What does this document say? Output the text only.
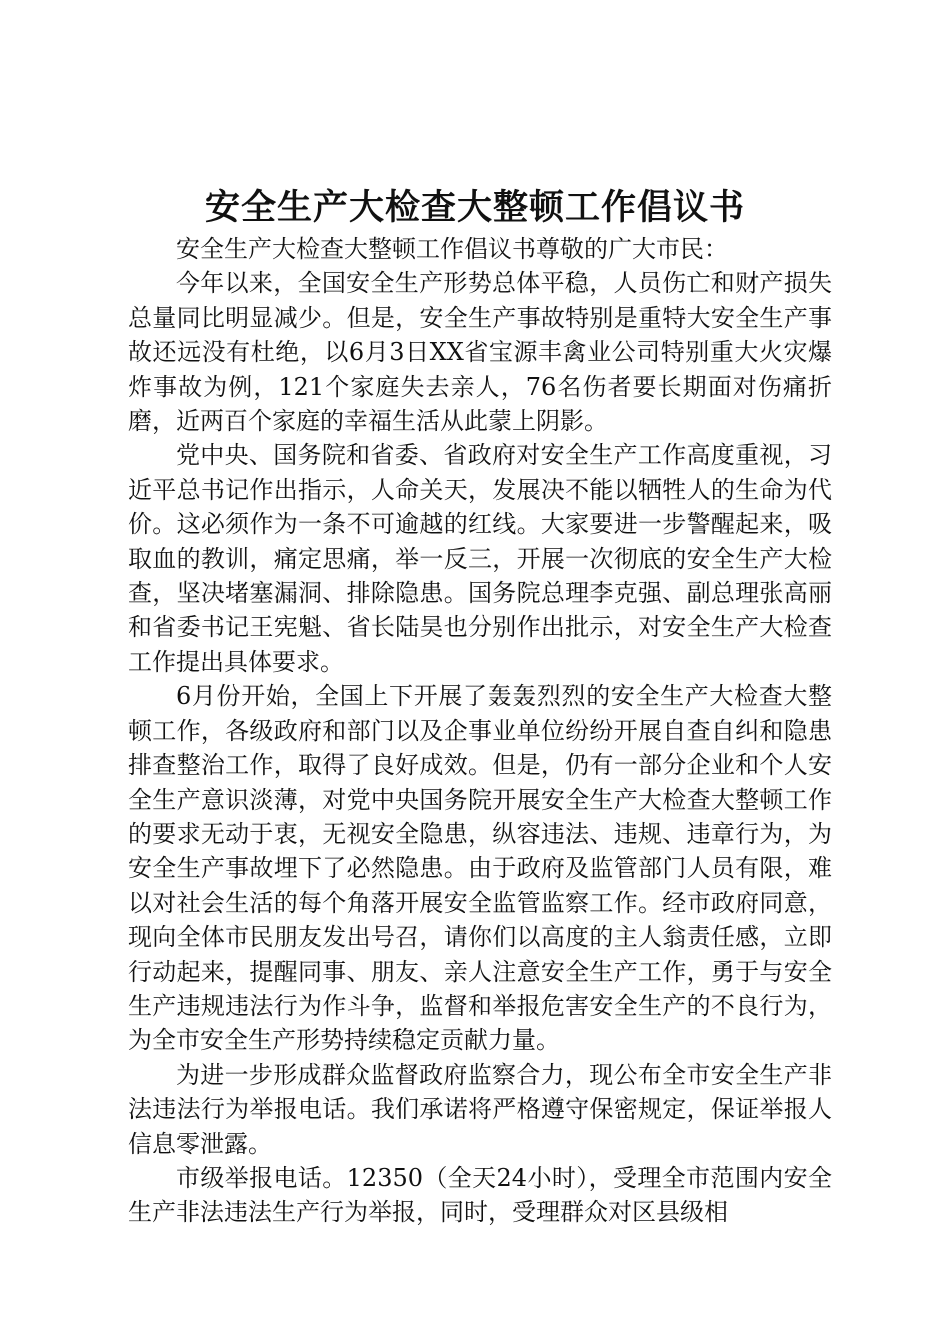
安全生产大检查大整顿工作倡议书

安全生产大检查大整顿工作倡议书尊敬的广大市民：

今年以来，全国安全生产形势总体平稳，人员伤亡和财产损失总量同比明显减少。但是，安全生产事故特别是重特大安全生产事故还远没有杜绝，以6月3日XX省宝源丰禽业公司特别重大火灾爆炸事故为例，121个家庭失去亲人，76名伤者要长期面对伤痛折磨，近两百个家庭的幸福生活从此蒙上阴影。

党中央、国务院和省委、省政府对安全生产工作高度重视，习近平总书记作出指示，人命关天，发展决不能以牺牲人的生命为代价。这必须作为一条不可逾越的红线。大家要进一步警醒起来，吸取血的教训，痛定思痛，举一反三，开展一次彻底的安全生产大检查，坚决堵塞漏洞、排除隐患。国务院总理李克强、副总理张高丽和省委书记王宪魁、省长陆昊也分别作出批示，对安全生产大检查工作提出具体要求。

6月份开始，全国上下开展了轰轰烈烈的安全生产大检查大整顿工作，各级政府和部门以及企事业单位纷纷开展自查自纠和隐患排查整治工作，取得了良好成效。但是，仍有一部分企业和个人安全生产意识淡薄，对党中央国务院开展安全生产大检查大整顿工作的要求无动于衷，无视安全隐患，纵容违法、违规、违章行为，为安全生产事故埋下了必然隐患。由于政府及监管部门人员有限，难以对社会生活的每个角落开展安全监管监察工作。经市政府同意，现向全体市民朋友发出号召，请你们以高度的主人翁责任感，立即行动起来，提醒同事、朋友、亲人注意安全生产工作，勇于与安全生产违规违法行为作斗争，监督和举报危害安全生产的不良行为，为全市安全生产形势持续稳定贡献力量。

为进一步形成群众监督政府监察合力，现公布全市安全生产非法违法行为举报电话。我们承诺将严格遵守保密规定，保证举报人信息零泄露。

市级举报电话。12350（全天24小时），受理全市范围内安全生产非法违法生产行为举报，同时，受理群众对区县级相
